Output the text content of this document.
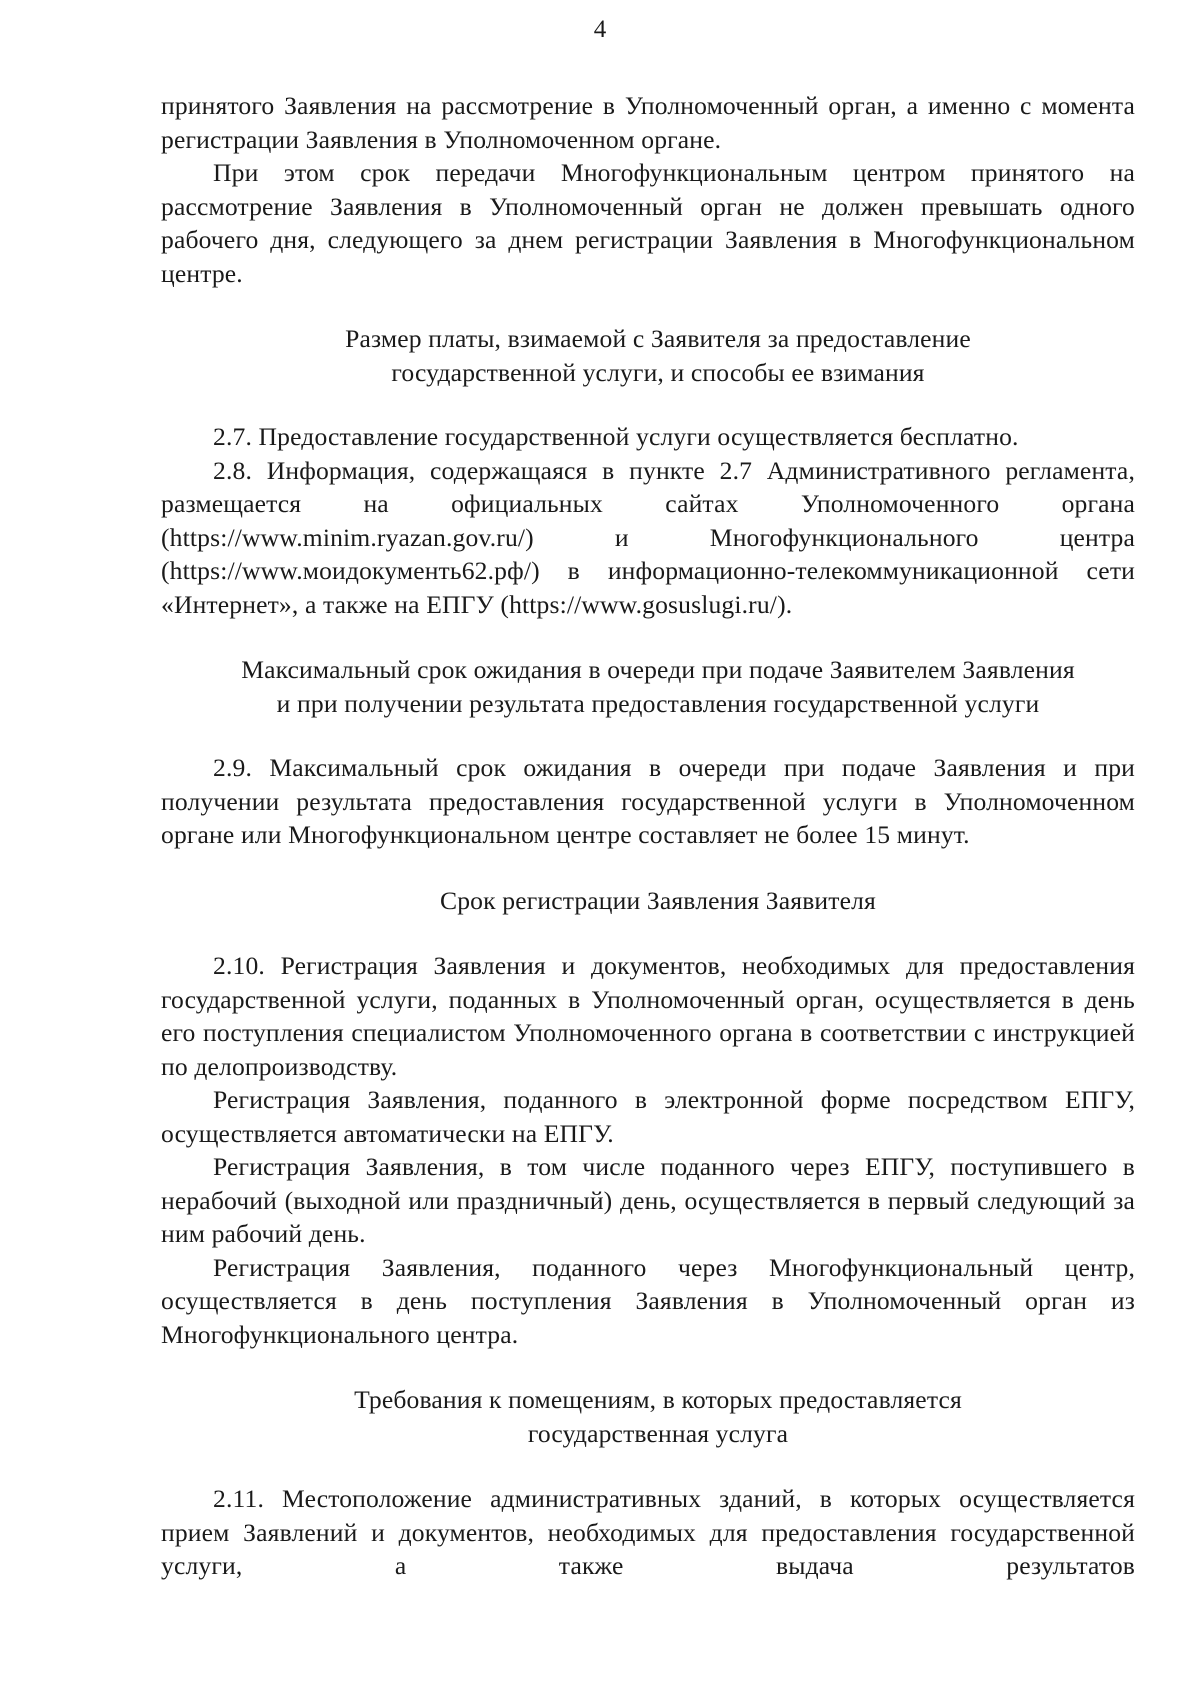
4

принятого Заявления на рассмотрение в Уполномоченный орган, а именно с момента регистрации Заявления в Уполномоченном органе.

При этом срок передачи Многофункциональным центром принятого на рассмотрение Заявления в Уполномоченный орган не должен превышать одного рабочего дня, следующего за днем регистрации Заявления в Многофункциональном центре.

Размер платы, взимаемой с Заявителя за предоставление
государственной услуги, и способы ее взимания

2.7. Предоставление государственной услуги осуществляется бесплатно.

2.8. Информация, содержащаяся в пункте 2.7 Административного регламента, размещается на официальных сайтах Уполномоченного органа (https://www.minim.ryazan.gov.ru/) и Многофункционального центра (https://www.моидокументь62.рф/) в информационно-телекоммуникационной сети «Интернет», а также на ЕПГУ (https://www.gosuslugi.ru/).

Максимальный срок ожидания в очереди при подаче Заявителем Заявления
и при получении результата предоставления государственной услуги

2.9. Максимальный срок ожидания в очереди при подаче Заявления и при получении результата предоставления государственной услуги в Уполномоченном органе или Многофункциональном центре составляет не более 15 минут.

Срок регистрации Заявления Заявителя

2.10. Регистрация Заявления и документов, необходимых для предоставления государственной услуги, поданных в Уполномоченный орган, осуществляется в день его поступления специалистом Уполномоченного органа в соответствии с инструкцией по делопроизводству.

Регистрация Заявления, поданного в электронной форме посредством ЕПГУ, осуществляется автоматически на ЕПГУ.

Регистрация Заявления, в том числе поданного через ЕПГУ, поступившего в нерабочий (выходной или праздничный) день, осуществляется в первый следующий за ним рабочий день.

Регистрация Заявления, поданного через Многофункциональный центр, осуществляется в день поступления Заявления в Уполномоченный орган из Многофункционального центра.

Требования к помещениям, в которых предоставляется
государственная услуга

2.11. Местоположение административных зданий, в которых осуществляется прием Заявлений и документов, необходимых для предоставления государственной услуги, а также выдача результатов
